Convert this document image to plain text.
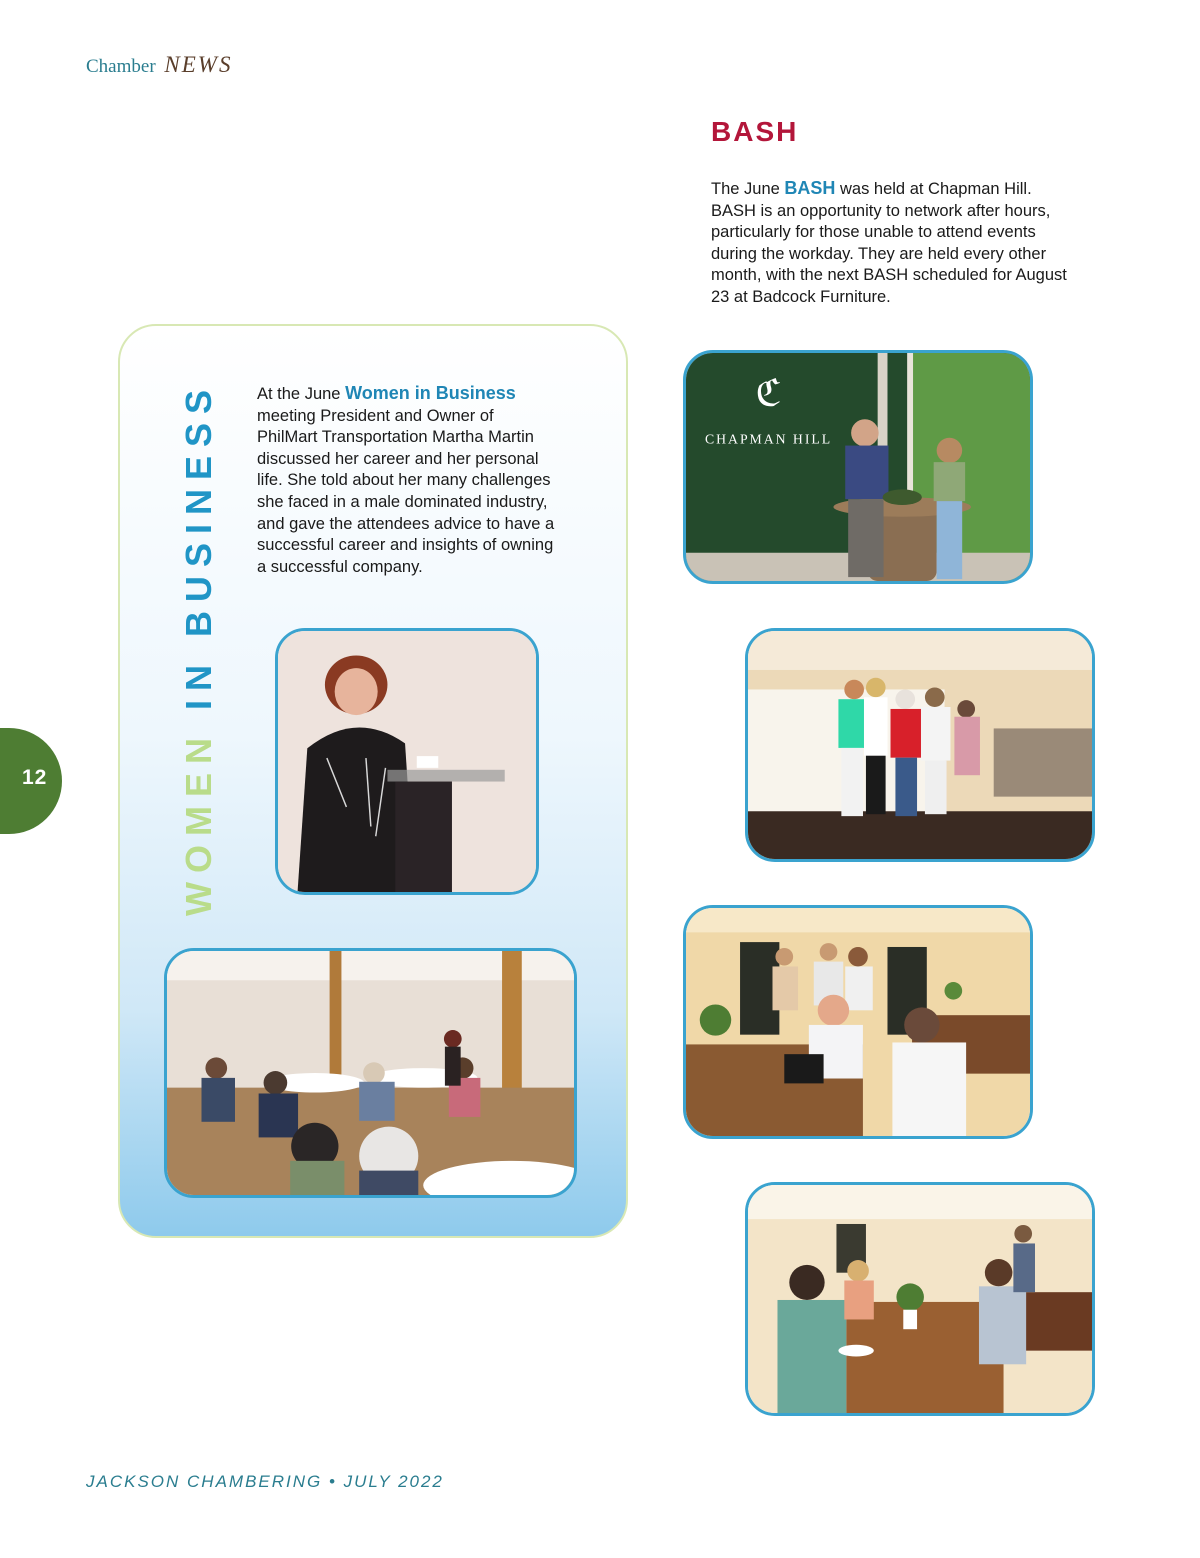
Chamber NEWS
BASH
The June BASH was held at Chapman Hill. BASH is an opportunity to network after hours, particularly for those unable to attend events during the workday. They are held every other month, with the next BASH scheduled for August 23 at Badcock Furniture.
WOMEN IN BUSINESS At the June Women in Business meeting President and Owner of PhilMart Transportation Martha Martin discussed her career and her personal life. She told about her many challenges she faced in a male dominated industry, and gave the attendees advice to have a successful career and insights of owning a successful company.
ℭ
CHAPMAN HILL
12
JACKSON CHAMBERING • JULY 2022
